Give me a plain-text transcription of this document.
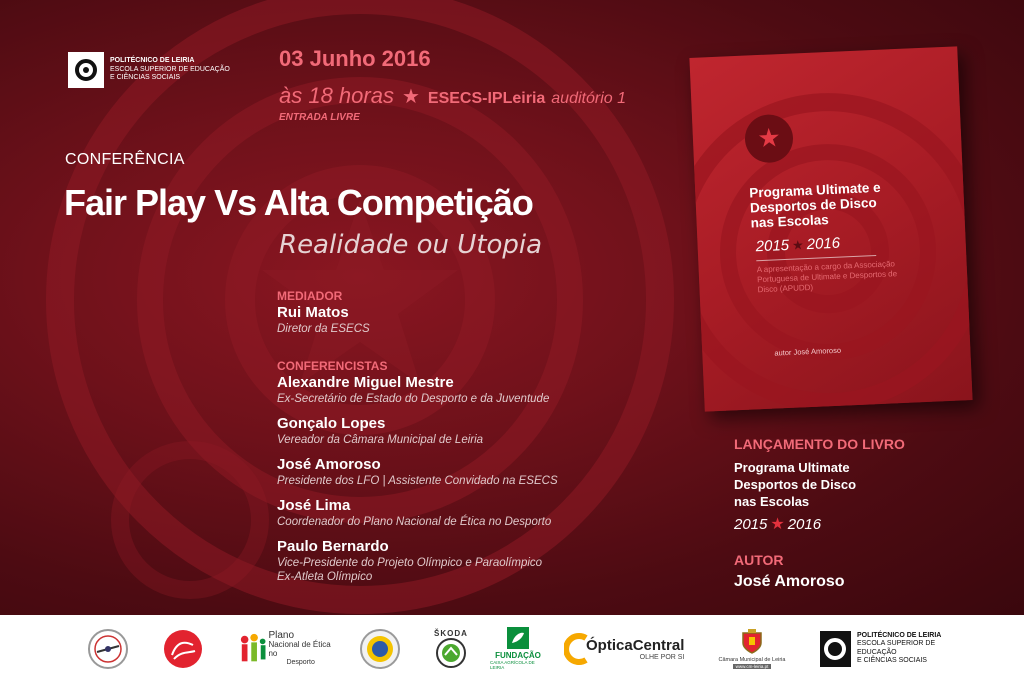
POLITÉCNICO DE LEIRIA
ESCOLA SUPERIOR DE EDUCAÇÃO
E CIÊNCIAS SOCIAIS
03 Junho 2016
às 18 horas ★ ESECS-IPLeiria auditório 1
ENTRADA LIVRE
CONFERÊNCIA
Fair Play Vs Alta Competição
Realidade ou Utopia
MEDIADOR
Rui Matos
Diretor da ESECS
CONFERENCISTAS
Alexandre Miguel Mestre
Ex-Secretário de Estado do Desporto e da Juventude
Gonçalo Lopes
Vereador da Câmara Municipal de Leiria
José Amoroso
Presidente dos LFO | Assistente Convidado na ESECS
José Lima
Coordenador do Plano Nacional de Ética no Desporto
Paulo Bernardo
Vice-Presidente do Projeto Olímpico e Paraolímpico
Ex-Atleta Olímpico
★
Programa Ultimate e
Desportos de Disco
nas Escolas
2015 ★ 2016
A apresentação a cargo da Associação Portuguesa de Ultimate e Desportos de Disco (APUDD)
autor José Amoroso
LANÇAMENTO DO LIVRO
Programa Ultimate
Desportos de Disco
nas Escolas
2015 ★ 2016
AUTOR
José Amoroso
Plano
Nacional de Ética no
Desporto
ŠKODA
FUNDAÇÃO
CAIXA AGRÍCOLA DE LEIRIA
ÓpticaCentral
OLHE POR SI	Câmara Municipal de Leiria
www.cm-leiria.pt
POLITÉCNICO DE LEIRIA
ESCOLA SUPERIOR DE EDUCAÇÃO
E CIÊNCIAS SOCIAIS
